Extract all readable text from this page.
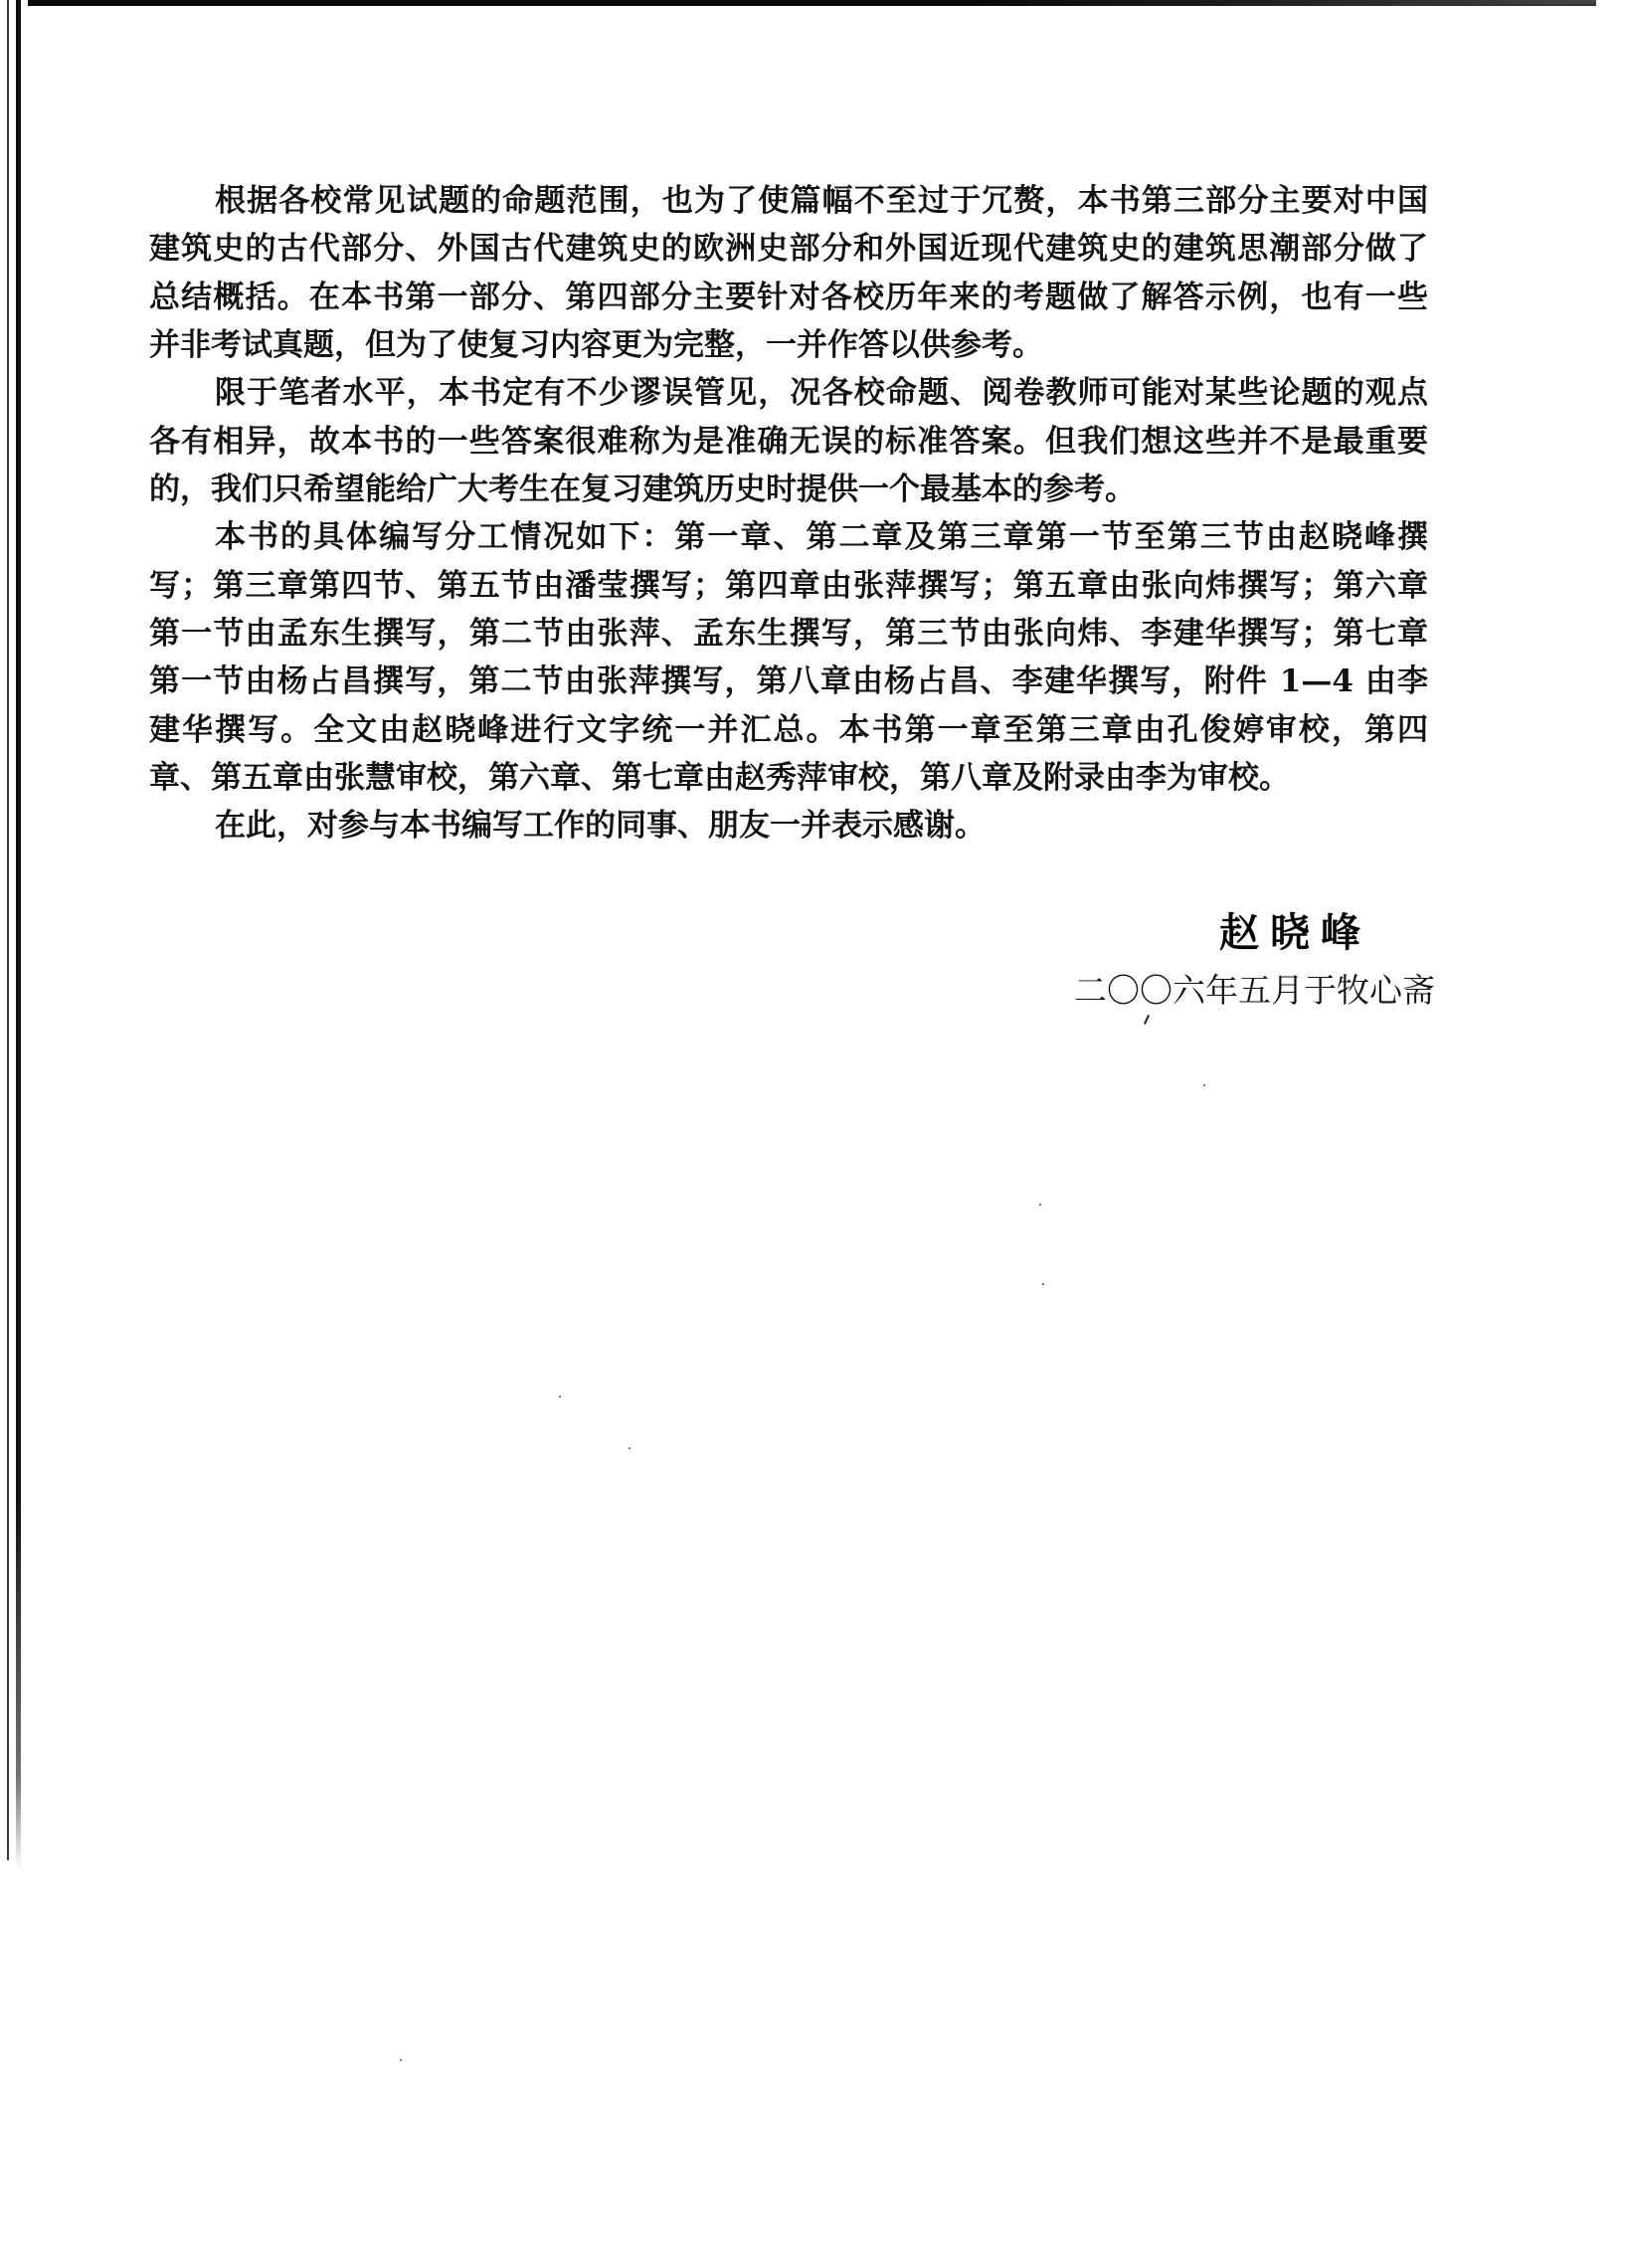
根据各校常见试题的命题范围，也为了使篇幅不至过于冗赘，本书第三部分主要对中国
建筑史的古代部分、外国古代建筑史的欧洲史部分和外国近现代建筑史的建筑思潮部分做了
总结概括。在本书第一部分、第四部分主要针对各校历年来的考题做了解答示例，也有一些
并非考试真题，但为了使复习内容更为完整，一并作答以供参考。
限于笔者水平，本书定有不少谬误管见，况各校命题、阅卷教师可能对某些论题的观点
各有相异，故本书的一些答案很难称为是准确无误的标准答案。但我们想这些并不是最重要
的，我们只希望能给广大考生在复习建筑历史时提供一个最基本的参考。
本书的具体编写分工情况如下：第一章、第二章及第三章第一节至第三节由赵晓峰撰
写；第三章第四节、第五节由潘莹撰写；第四章由张萍撰写；第五章由张向炜撰写；第六章
第一节由孟东生撰写，第二节由张萍、孟东生撰写，第三节由张向炜、李建华撰写；第七章
第一节由杨占昌撰写，第二节由张萍撰写，第八章由杨占昌、李建华撰写，附件 1—4 由李
建华撰写。全文由赵晓峰进行文字统一并汇总。本书第一章至第三章由孔俊婷审校，第四
章、第五章由张慧审校，第六章、第七章由赵秀萍审校，第八章及附录由李为审校。
在此，对参与本书编写工作的同事、朋友一并表示感谢。
赵晓峰
二〇〇六年五月于牧心斋
